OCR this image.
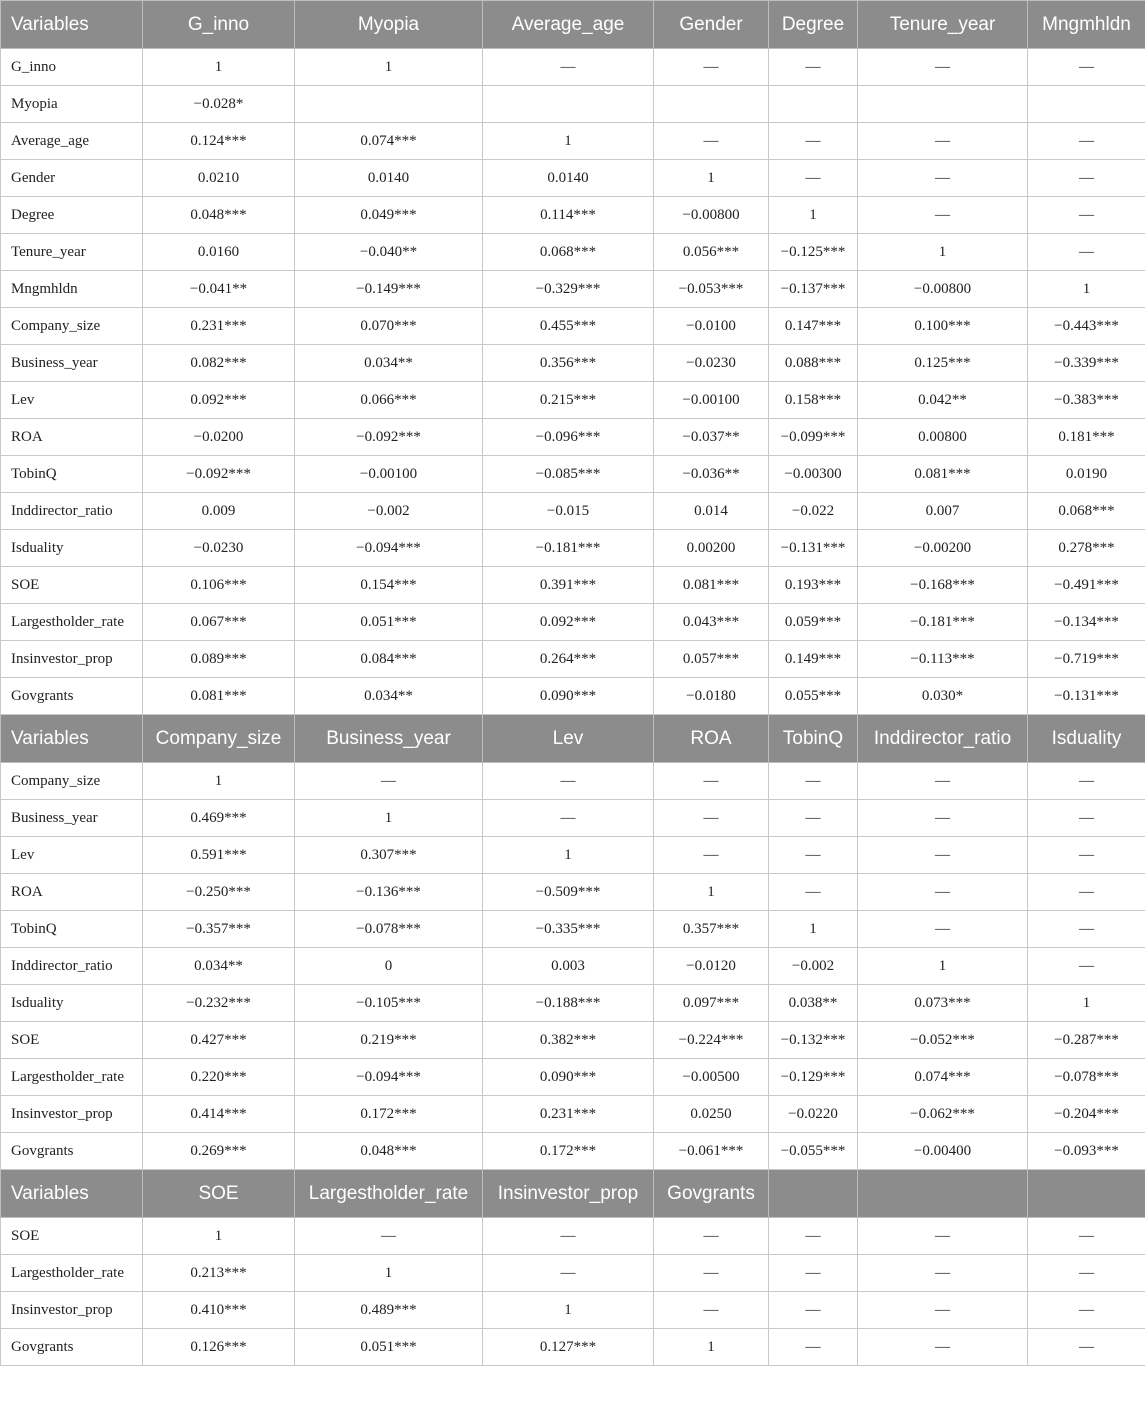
Variables	G_inno	Myopia	Average_age	Gender	Degree	Tenure_year	Mngmhldn
G_inno	1	1	—	—	—	—	—
Myopia	−0.028*						
Average_age	0.124***	0.074***	1	—	—	—	—
Gender	0.0210	0.0140	0.0140	1	—	—	—
Degree	0.048***	0.049***	0.114***	−0.00800	1	—	—
Tenure_year	0.0160	−0.040**	0.068***	0.056***	−0.125***	1	—
Mngmhldn	−0.041**	−0.149***	−0.329***	−0.053***	−0.137***	−0.00800	1
Company_size	0.231***	0.070***	0.455***	−0.0100	0.147***	0.100***	−0.443***
Business_year	0.082***	0.034**	0.356***	−0.0230	0.088***	0.125***	−0.339***
Lev	0.092***	0.066***	0.215***	−0.00100	0.158***	0.042**	−0.383***
ROA	−0.0200	−0.092***	−0.096***	−0.037**	−0.099***	0.00800	0.181***
TobinQ	−0.092***	−0.00100	−0.085***	−0.036**	−0.00300	0.081***	0.0190
Inddirector_ratio	0.009	−0.002	−0.015	0.014	−0.022	0.007	0.068***
Isduality	−0.0230	−0.094***	−0.181***	0.00200	−0.131***	−0.00200	0.278***
SOE	0.106***	0.154***	0.391***	0.081***	0.193***	−0.168***	−0.491***
Largestholder_rate	0.067***	0.051***	0.092***	0.043***	0.059***	−0.181***	−0.134***
Insinvestor_prop	0.089***	0.084***	0.264***	0.057***	0.149***	−0.113***	−0.719***
Govgrants	0.081***	0.034**	0.090***	−0.0180	0.055***	0.030*	−0.131***
Variables	Company_size	Business_year	Lev	ROA	TobinQ	Inddirector_ratio	Isduality
Company_size	1	—	—	—	—	—	—
Business_year	0.469***	1	—	—	—	—	—
Lev	0.591***	0.307***	1	—	—	—	—
ROA	−0.250***	−0.136***	−0.509***	1	—	—	—
TobinQ	−0.357***	−0.078***	−0.335***	0.357***	1	—	—
Inddirector_ratio	0.034**	0	0.003	−0.0120	−0.002	1	—
Isduality	−0.232***	−0.105***	−0.188***	0.097***	0.038**	0.073***	1
SOE	0.427***	0.219***	0.382***	−0.224***	−0.132***	−0.052***	−0.287***
Largestholder_rate	0.220***	−0.094***	0.090***	−0.00500	−0.129***	0.074***	−0.078***
Insinvestor_prop	0.414***	0.172***	0.231***	0.0250	−0.0220	−0.062***	−0.204***
Govgrants	0.269***	0.048***	0.172***	−0.061***	−0.055***	−0.00400	−0.093***
Variables	SOE	Largestholder_rate	Insinvestor_prop	Govgrants			
SOE	1	—	—	—	—	—	—
Largestholder_rate	0.213***	1	—	—	—	—	—
Insinvestor_prop	0.410***	0.489***	1	—	—	—	—
Govgrants	0.126***	0.051***	0.127***	1	—	—	—
